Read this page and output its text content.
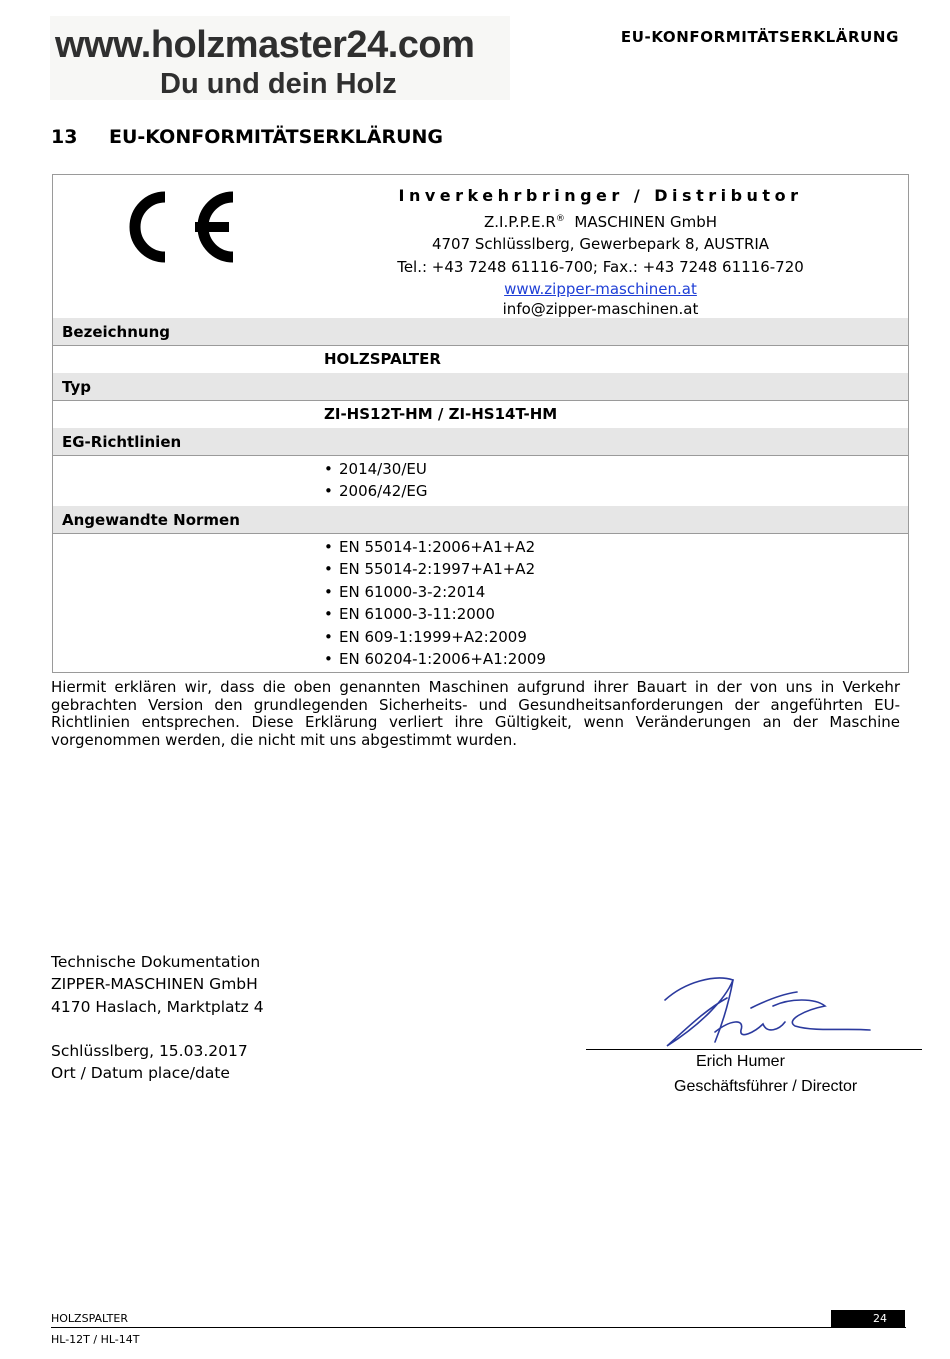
www.holzmaster24.com
Du und dein Holz
EU-KONFORMITÄTSERKLÄRUNG
13 EU-KONFORMITÄTSERKLÄRUNG
Inverkehrbringer / Distributor
Z.I.P.P.E.R® MASCHINEN GmbH
4707 Schlüsslberg, Gewerbepark 8, AUSTRIA
Tel.: +43 7248 61116-700; Fax.: +43 7248 61116-720
www.zipper-maschinen.at
info@zipper-maschinen.at
Bezeichnung
HOLZSPALTER
Typ
ZI-HS12T-HM / ZI-HS14T-HM
EG-Richtlinien
• 2014/30/EU
• 2006/42/EG
Angewandte Normen
• EN 55014-1:2006+A1+A2
• EN 55014-2:1997+A1+A2
• EN 61000-3-2:2014
• EN 61000-3-11:2000
• EN 609-1:1999+A2:2009
• EN 60204-1:2006+A1:2009
Hiermit erklären wir, dass die oben genannten Maschinen aufgrund ihrer Bauart in der von uns in Verkehr gebrachten Version den grundlegenden Sicherheits- und Gesundheitsanforderungen der angeführten EU-Richtlinien entsprechen. Diese Erklärung verliert ihre Gültigkeit, wenn Veränderungen an der Maschine vorgenommen werden, die nicht mit uns abgestimmt wurden.
Technische Dokumentation
ZIPPER-MASCHINEN GmbH
4170 Haslach, Marktplatz 4
Schlüsslberg, 15.03.2017
Ort / Datum place/date
Erich Humer
Geschäftsführer / Director
HOLZSPALTER	24
HL-12T / HL-14T
